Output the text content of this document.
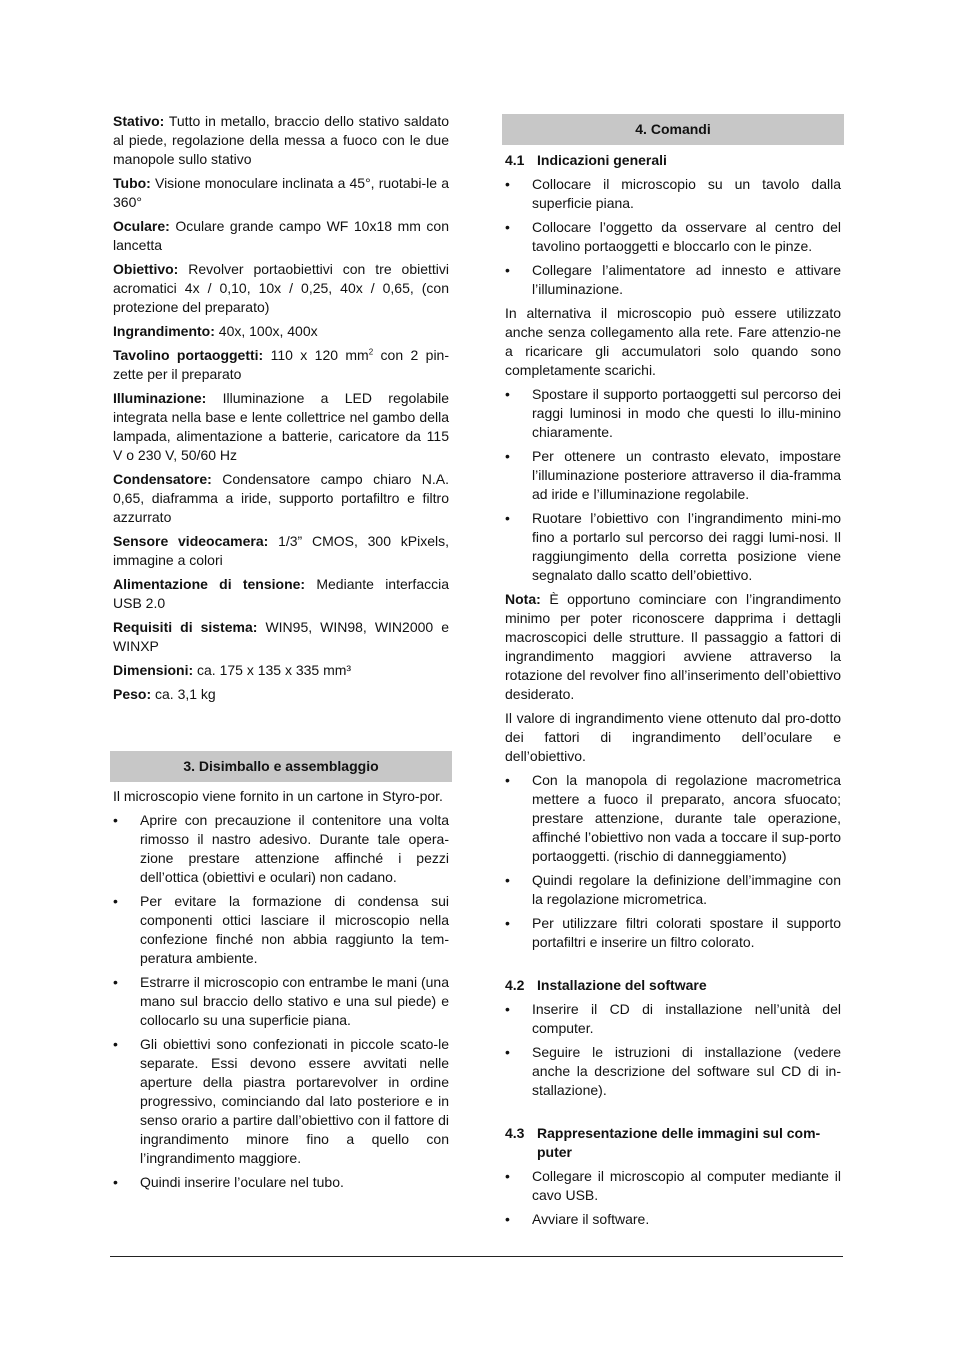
Stativo: Tutto in metallo, braccio dello stativo saldato al piede, regolazione della messa a fuoco con le due manopole sullo stativo

Tubo: Visione monoculare inclinata a 45°, ruotabi-le a 360°

Oculare: Oculare grande campo WF 10x18 mm con lancetta

Obiettivo: Revolver portaobiettivi con tre obiettivi acromatici 4x / 0,10, 10x / 0,25, 40x / 0,65, (con protezione del preparato)

Ingrandimento: 40x, 100x, 400x

Tavolino portaoggetti: 110 x 120 $mm^2$ con 2 pin-zette per il preparato

Illuminazione: Illuminazione a LED regolabile integrata nella base e lente collettrice nel gambo della lampada, alimentazione a batterie, caricatore da 115 V o 230 V, 50/60 Hz

Condensatore: Condensatore campo chiaro N.A. 0,65, diaframma a iride, supporto portafiltro e filtro azzurrato

Sensore videocamera: 1/3” CMOS, 300 kPixels, immagine a colori

Alimentazione di tensione: Mediante interfaccia USB 2.0

Requisiti di sistema: WIN95, WIN98, WIN2000 e WINXP

Dimensioni: ca. 175 x 135 x 335 mm³

Peso: ca. 3,1 kg

3. Disimballo e assemblaggio

Il microscopio viene fornito in un cartone in Styro-por.

• Aprire con precauzione il contenitore una volta rimosso il nastro adesivo. Durante tale opera-zione prestare attenzione affinché i pezzi dell’ottica (obiettivi e oculari) non cadano.
• Per evitare la formazione di condensa sui componenti ottici lasciare il microscopio nella confezione finché non abbia raggiunto la tem-peratura ambiente.
• Estrarre il microscopio con entrambe le mani (una mano sul braccio dello stativo e una sul piede) e collocarlo su una superficie piana.
• Gli obiettivi sono confezionati in piccole scato-le separate. Essi devono essere avvitati nelle aperture della piastra portarevolver in ordine progressivo, cominciando dal lato posteriore e in senso orario a partire dall’obiettivo con il fattore di ingrandimento minore fino a quello con l’ingrandimento maggiore.
• Quindi inserire l’oculare nel tubo.
4. Comandi
4.1 Indicazioni generali
• Collocare il microscopio su un tavolo dalla superficie piana.
• Collocare l’oggetto da osservare al centro del tavolino portaoggetti e bloccarlo con le pinze.
• Collegare l’alimentatore ad innesto e attivare l’illuminazione.

In alternativa il microscopio può essere utilizzato anche senza collegamento alla rete. Fare attenzio-ne a ricaricare gli accumulatori solo quando sono completamente scarichi.

• Spostare il supporto portaoggetti sul percorso dei raggi luminosi in modo che questi lo illu-minino chiaramente.
• Per ottenere un contrasto elevato, impostare l’illuminazione posteriore attraverso il dia-framma ad iride e l’illuminazione regolabile.
• Ruotare l’obiettivo con l’ingrandimento mini-mo fino a portarlo sul percorso dei raggi lumi-nosi. Il raggiungimento della corretta posizione viene segnalato dallo scatto dell’obiettivo.

Nota: È opportuno cominciare con l’ingrandimento minimo per poter riconoscere dapprima i dettagli macroscopici delle strutture. Il passaggio a fattori di ingrandimento maggiori avviene attraverso la rotazione del revolver fino all’inserimento dell’obiettivo desiderato.

Il valore di ingrandimento viene ottenuto dal pro-dotto dei fattori di ingrandimento dell’oculare e dell’obiettivo.

• Con la manopola di regolazione macrometrica mettere a fuoco il preparato, ancora sfuocato; prestare attenzione, durante tale operazione, affinché l’obiettivo non vada a toccare il sup-porto portaoggetti. (rischio di danneggiamento)
• Quindi regolare la definizione dell’immagine con la regolazione micrometrica.
• Per utilizzare filtri colorati spostare il supporto portafiltri e inserire un filtro colorato.
4.2 Installazione del software
• Inserire il CD di installazione nell’unità del computer.
• Seguire le istruzioni di installazione (vedere anche la descrizione del software sul CD di in-stallazione).
4.3 Rappresentazione delle immagini sul com-puter
• Collegare il microscopio al computer mediante il cavo USB.
• Avviare il software.
